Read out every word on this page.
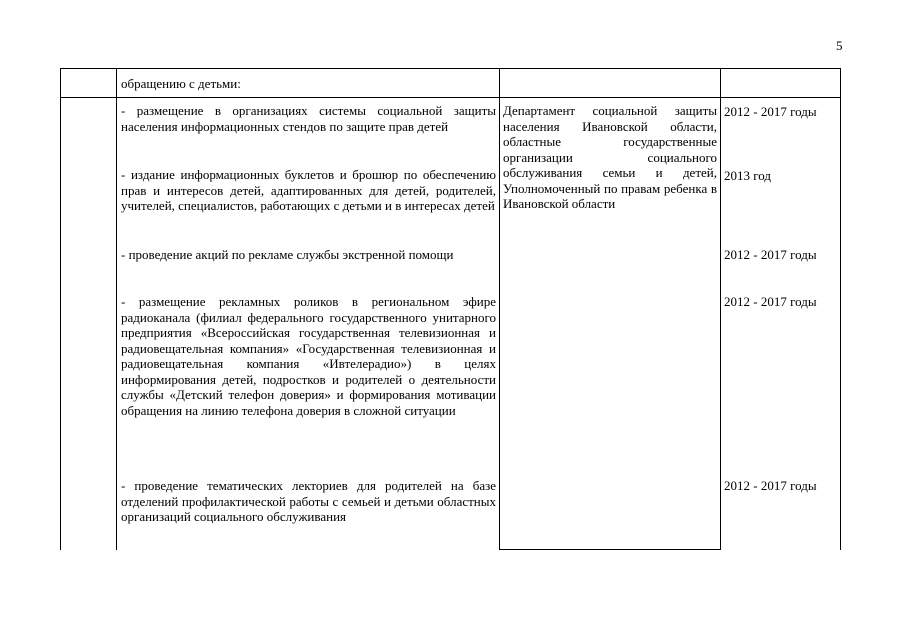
5
обращению с детьми:
- размещение в организациях системы социальной защиты населения информационных стендов по защите прав детей
Департамент социальной защиты населения Ивановской области, областные государственные организации социального обслуживания семьи и детей, Уполномоченный по правам ребенка в Ивановской области
2012 - 2017 годы
- издание информационных буклетов и брошюр по обеспечению прав и интересов детей, адаптированных для детей, родителей, учителей, специалистов, работающих с детьми и в интересах детей
2013 год
- проведение акций по рекламе службы экстренной помощи	2012 - 2017 годы
- размещение рекламных роликов в региональном эфире радиоканала (филиал федерального государственного унитарного предприятия «Всероссийская государственная телевизионная и радиовещательная компания» «Государственная телевизионная и радиовещательная компания «Ивтелерадио») в целях информирования детей, подростков и родителей о деятельности службы «Детский телефон доверия» и формирования мотивации обращения на линию телефона доверия в сложной ситуации
2012 - 2017 годы
- проведение тематических лекториев для родителей на базе отделений профилактической работы с семьей и детьми областных организаций социального обслуживания
2012 - 2017 годы
